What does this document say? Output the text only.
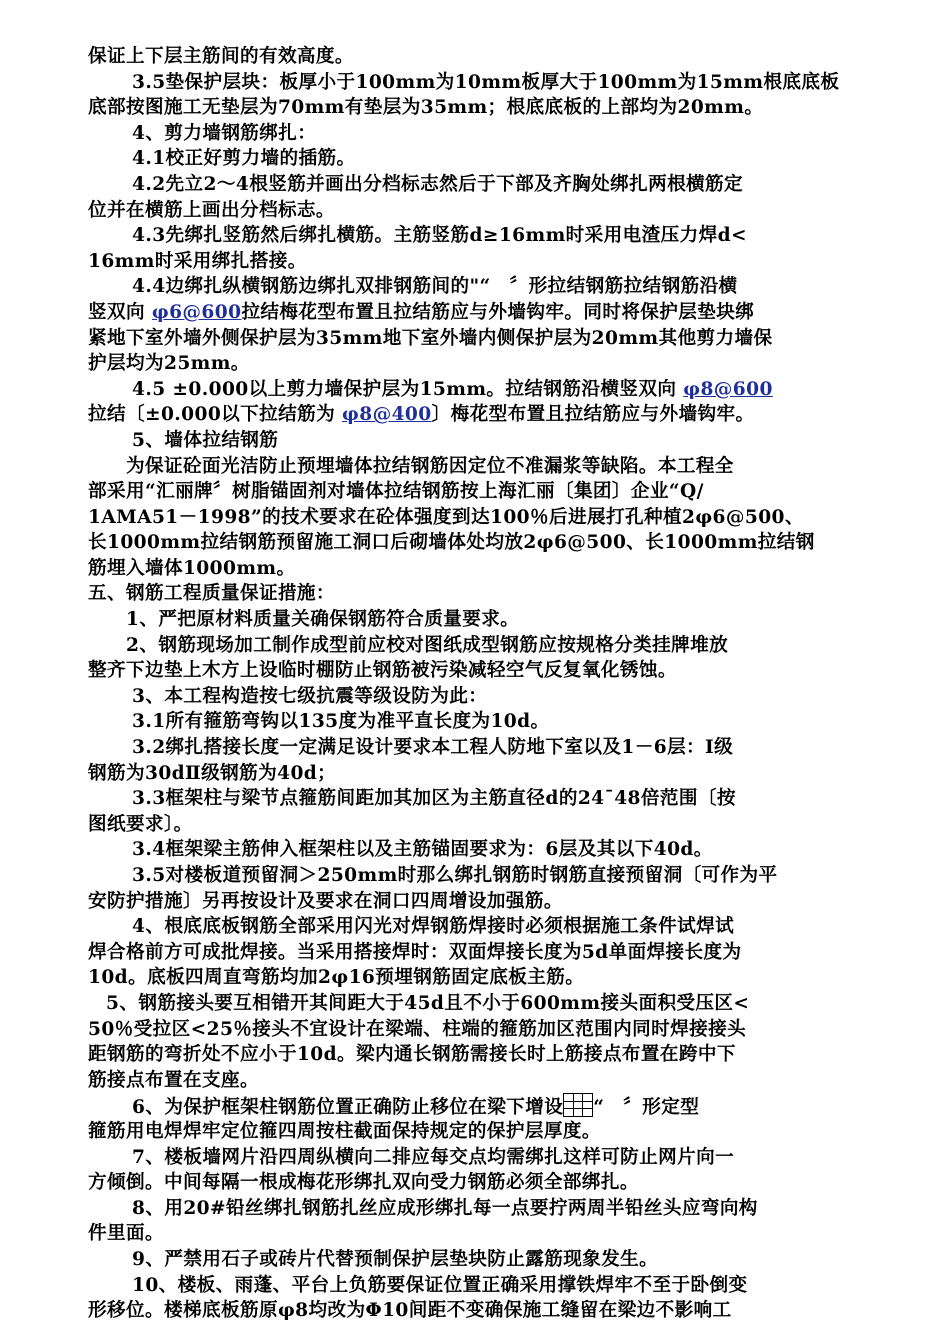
保证上下层主筋间的有效高度。
3.5垫保护层块：板厚小于100mm为10mm板厚大于100mm为15mm根底底板
底部按图施工无垫层为70mm有垫层为35mm；根底底板的上部均为20mm。
4、剪力墙钢筋绑扎：
4.1校正好剪力墙的插筋。
4.2先立2～4根竖筋并画出分档标志然后于下部及齐胸处绑扎两根横筋定
位并在横筋上画出分档标志。
4.3先绑扎竖筋然后绑扎横筋。主筋竖筋d≥16mm时采用电渣压力焊d<
16mm时采用绑扎搭接。
4.4边绑扎纵横钢筋边绑扎双排钢筋间的"“　〞形拉结钢筋拉结钢筋沿横
竖双向 φ6@600拉结梅花型布置且拉结筋应与外墙钩牢。同时将保护层垫块绑
紧地下室外墙外侧保护层为35mm地下室外墙内侧保护层为20mm其他剪力墙保
护层均为25mm。
4.5 ±0.000以上剪力墙保护层为15mm。拉结钢筋沿横竖双向 φ8@600
拉结〔±0.000以下拉结筋为 φ8@400〕梅花型布置且拉结筋应与外墙钩牢。
5、墙体拉结钢筋
为保证砼面光洁防止预埋墙体拉结钢筋因定位不准漏浆等缺陷。本工程全
部采用“汇丽牌〞树脂锚固剂对墙体拉结钢筋按上海汇丽〔集团〕企业“Q/
1AMA51－1998”的技术要求在砼体强度到达100％后进展打孔种植2φ6@500、
长1000mm拉结钢筋预留施工洞口后砌墙体处均放2φ6@500、长1000mm拉结钢
筋埋入墙体1000mm。
五、钢筋工程质量保证措施：
1、严把原材料质量关确保钢筋符合质量要求。
2、钢筋现场加工制作成型前应校对图纸成型钢筋应按规格分类挂牌堆放
整齐下边垫上木方上设临时棚防止钢筋被污染减轻空气反复氧化锈蚀。
3、本工程构造按七级抗震等级设防为此：
3.1所有箍筋弯钩以135度为准平直长度为10d。
3.2绑扎搭接长度一定满足设计要求本工程人防地下室以及1－6层：Ⅰ级
钢筋为30dⅡ级钢筋为40d；
3.3框架柱与梁节点箍筋间距加其加区为主筋直径d的24¯48倍范围〔按
图纸要求〕。
3.4框架梁主筋伸入框架柱以及主筋锚固要求为：6层及其以下40d。
3.5对楼板道预留洞＞250mm时那么绑扎钢筋时钢筋直接预留洞〔可作为平
安防护措施〕另再按设计及要求在洞口四周增设加强筋。
4、根底底板钢筋全部采用闪光对焊钢筋焊接时必须根据施工条件试焊试
焊合格前方可成批焊接。当采用搭接焊时：双面焊接长度为5d单面焊接长度为
10d。底板四周直弯筋均加2φ16预埋钢筋固定底板主筋。
5、钢筋接头要互相错开其间距大于45d且不小于600mm接头面积受压区<
50％受拉区<25％接头不宜设计在梁端、柱端的箍筋加区范围内同时焊接接头
距钢筋的弯折处不应小于10d。梁内通长钢筋需接长时上筋接点布置在跨中下
筋接点布置在支座。
6、为保护框架柱钢筋位置正确防止移位在梁下增设 “　〞形定型
箍筋用电焊焊牢定位箍四周按柱截面保持规定的保护层厚度。
7、楼板墙网片沿四周纵横向二排应每交点均需绑扎这样可防止网片向一
方倾倒。中间每隔一根成梅花形绑扎双向受力钢筋必须全部绑扎。
8、用20#铅丝绑扎钢筋扎丝应成形绑扎每一点要拧两周半铅丝头应弯向构
件里面。
9、严禁用石子或砖片代替预制保护层垫块防止露筋现象发生。
10、楼板、雨蓬、平台上负筋要保证位置正确采用撑铁焊牢不至于卧倒变
形移位。楼梯底板筋原φ8均改为Φ10间距不变确保施工缝留在梁边不影响工
